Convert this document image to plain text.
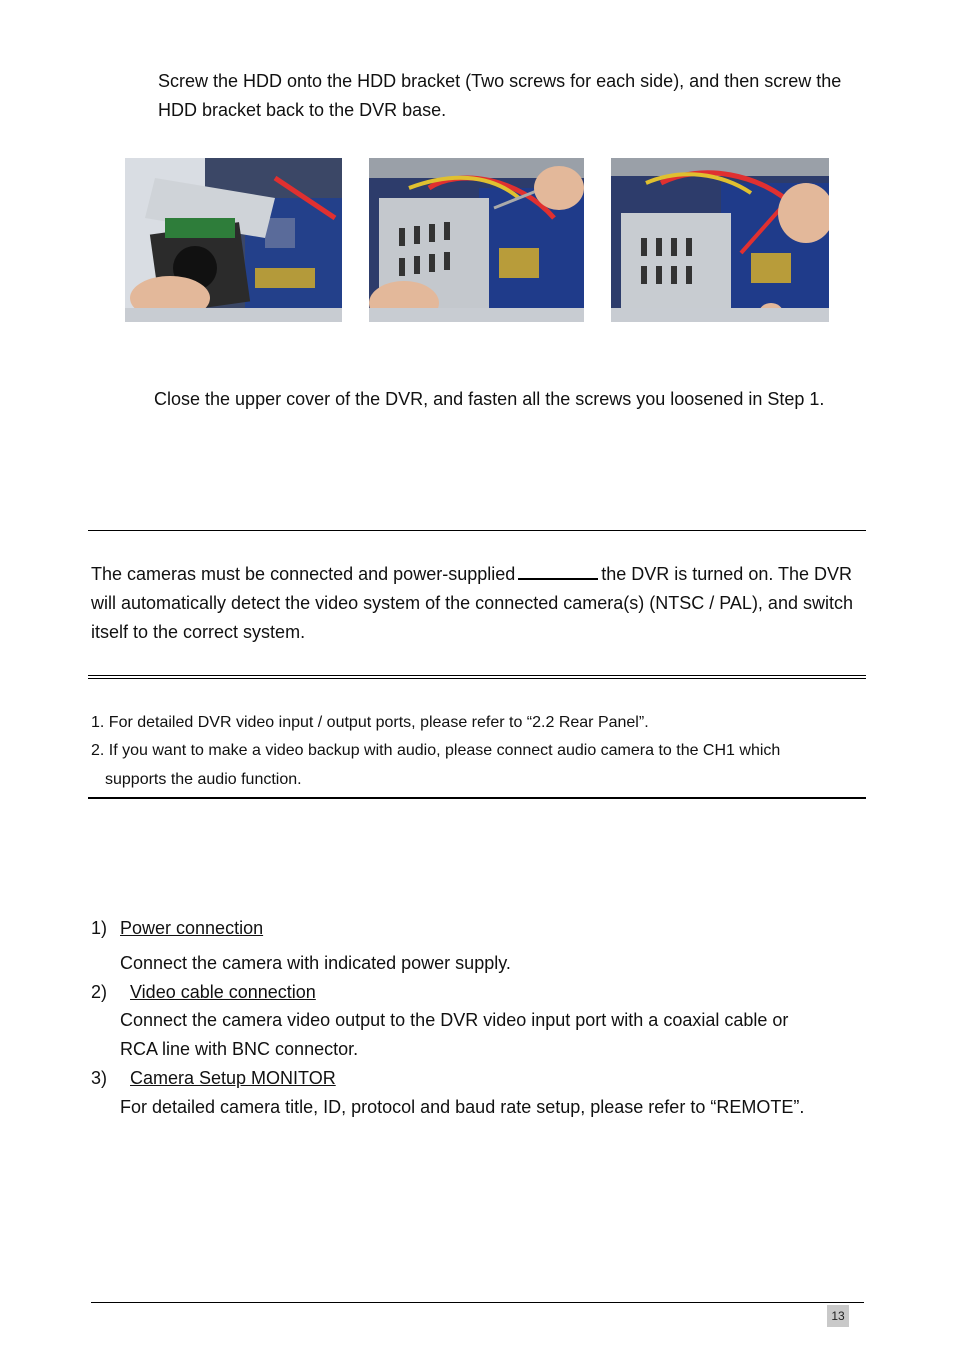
Screw the HDD onto the HDD bracket (Two screws for each side), and then screw the HDD bracket back to the DVR base.
Close the upper cover of the DVR, and fasten all the screws you loosened in Step 1.
The cameras must be connected and power-supplied	the DVR is turned on. The DVR will automatically detect the video system of the connected camera(s) (NTSC / PAL), and switch itself to the correct system.
1. For detailed DVR video input / output ports, please refer to “2.2 Rear Panel”.
2. If you want to make a video backup with audio, please connect audio camera to the CH1 which
supports the audio function.
1) Power connection
Connect the camera with indicated power supply.
2) Video cable connection
Connect the camera video output to the DVR video input port with a coaxial cable or
RCA line with BNC connector.
3) Camera Setup MONITOR
For detailed camera title, ID, protocol and baud rate setup, please refer to “REMOTE”.
13
